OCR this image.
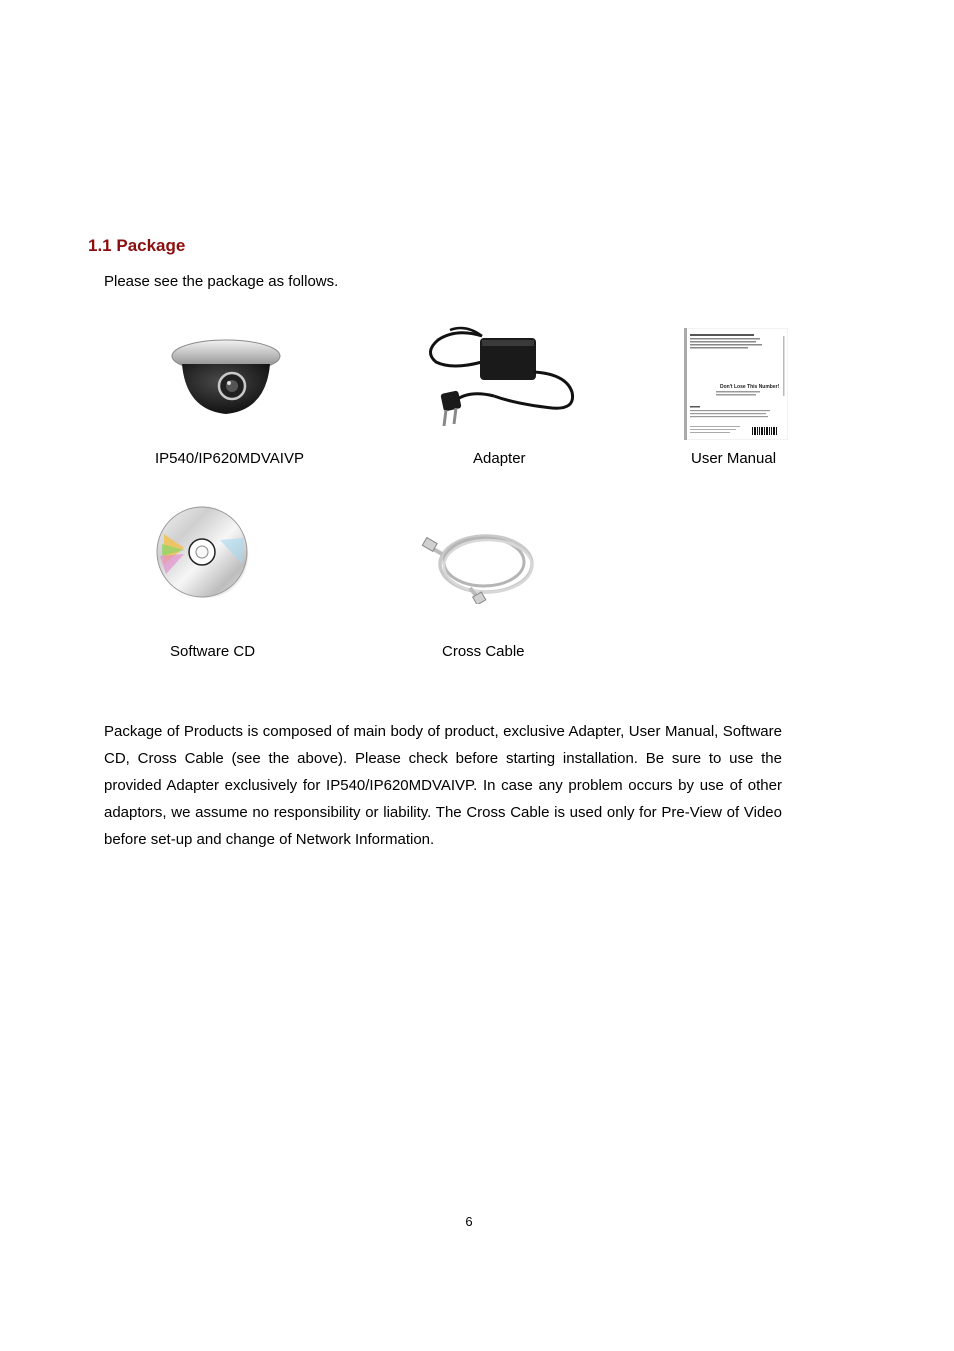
1.1 Package

Please see the package as follows.

IP540/IP620MDVAIVP	Adapter

Don't Lose This Number!

User Manual

Software CD	Cross Cable

Package of Products is composed of main body of product, exclusive Adapter, User Manual, Software CD, Cross Cable (see the above). Please check before starting installation. Be sure to use the provided Adapter exclusively for IP540/IP620MDVAIVP. In case any problem occurs by use of other adaptors, we assume no responsibility or liability. The Cross Cable is used only for Pre-View of Video before set-up and change of Network Information.

6
